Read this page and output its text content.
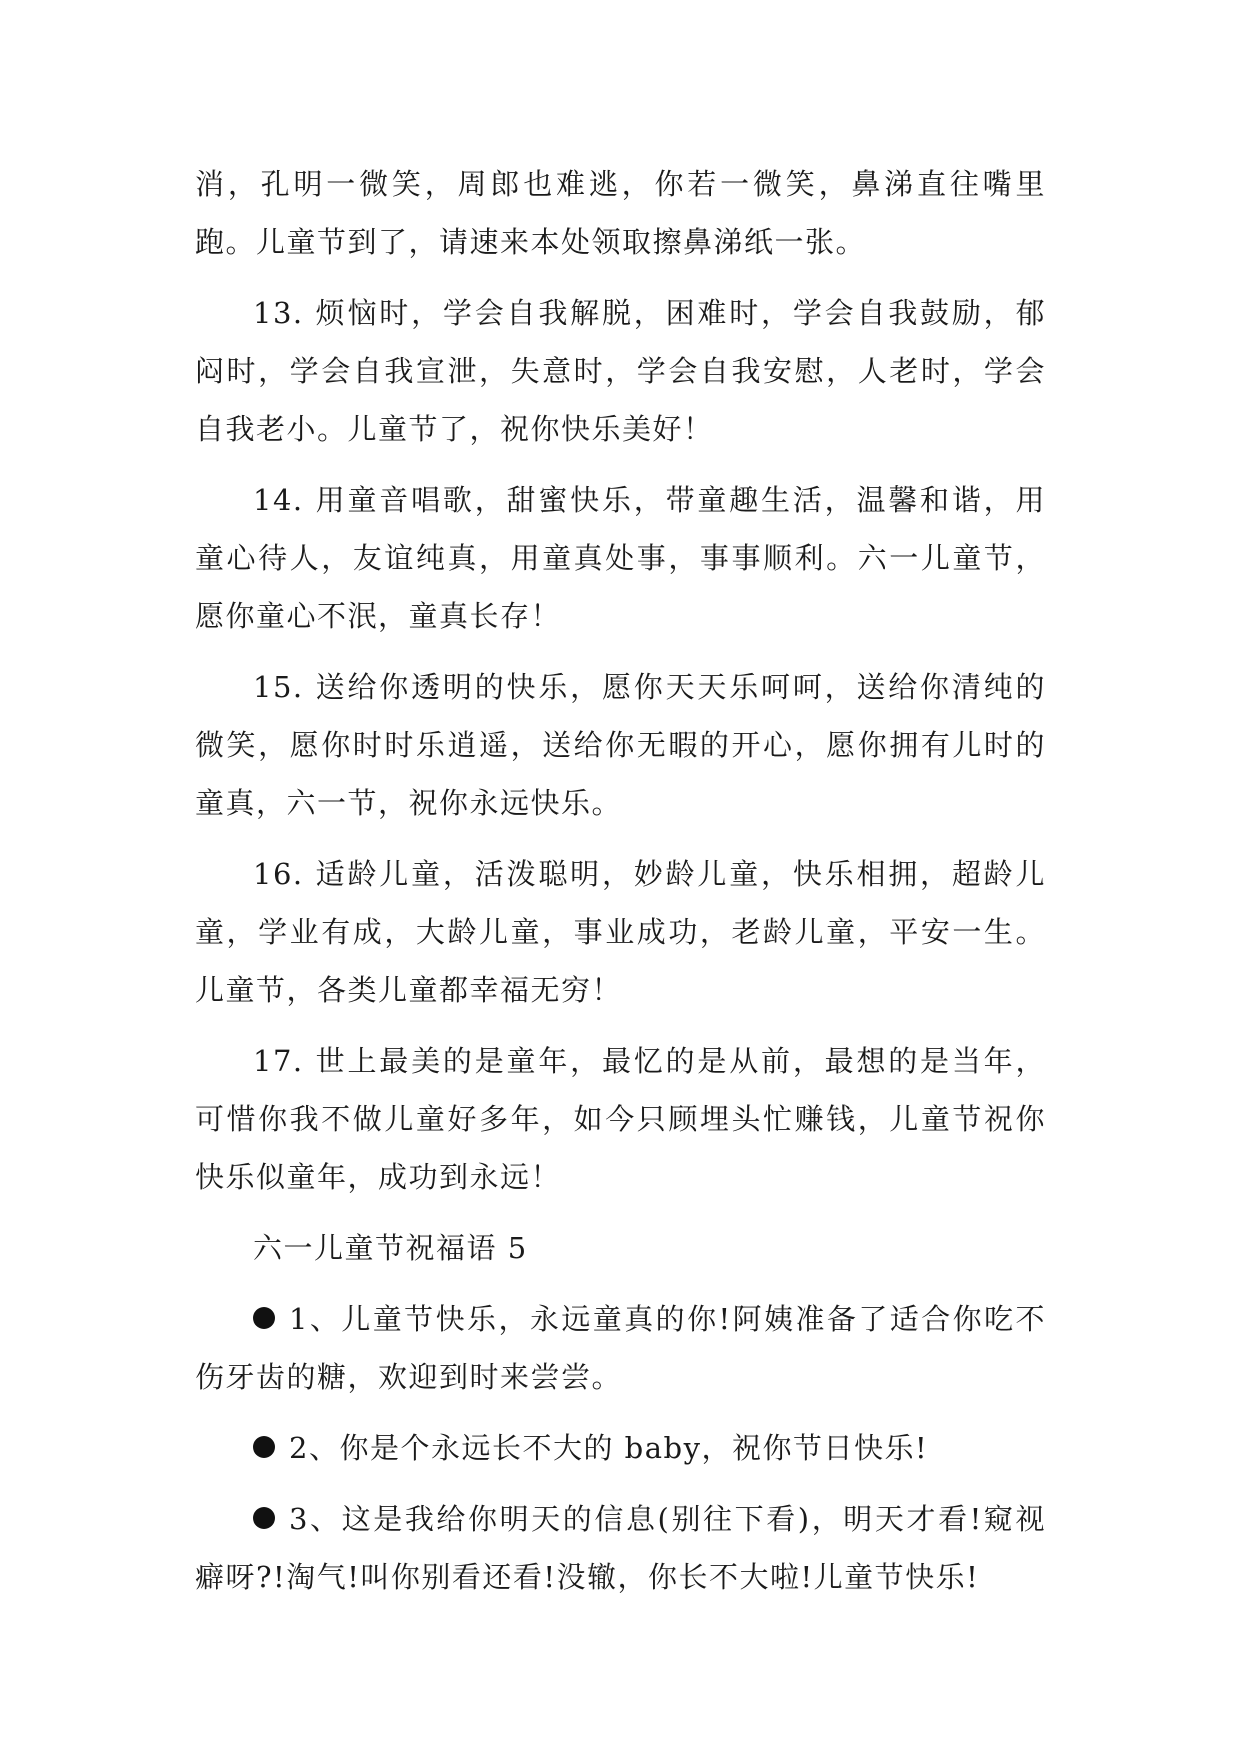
消，孔明一微笑，周郎也难逃，你若一微笑，鼻涕直往嘴里跑。儿童节到了，请速来本处领取擦鼻涕纸一张。

13. 烦恼时，学会自我解脱，困难时，学会自我鼓励，郁闷时，学会自我宣泄，失意时，学会自我安慰，人老时，学会自我老小。儿童节了，祝你快乐美好！

14. 用童音唱歌，甜蜜快乐，带童趣生活，温馨和谐，用童心待人，友谊纯真，用童真处事，事事顺利。六一儿童节，愿你童心不泯，童真长存！

15. 送给你透明的快乐，愿你天天乐呵呵，送给你清纯的微笑，愿你时时乐逍遥，送给你无暇的开心，愿你拥有儿时的童真，六一节，祝你永远快乐。

16. 适龄儿童，活泼聪明，妙龄儿童，快乐相拥，超龄儿童，学业有成，大龄儿童，事业成功，老龄儿童，平安一生。儿童节，各类儿童都幸福无穷！

17. 世上最美的是童年，最忆的是从前，最想的是当年，可惜你我不做儿童好多年，如今只顾埋头忙赚钱，儿童节祝你快乐似童年，成功到永远！

六一儿童节祝福语 5

1、儿童节快乐，永远童真的你!阿姨准备了适合你吃不伤牙齿的糖，欢迎到时来尝尝。

2、你是个永远长不大的 baby，祝你节日快乐!

3、这是我给你明天的信息(别往下看)，明天才看!窥视癖呀?!淘气!叫你别看还看!没辙，你长不大啦!儿童节快乐!
